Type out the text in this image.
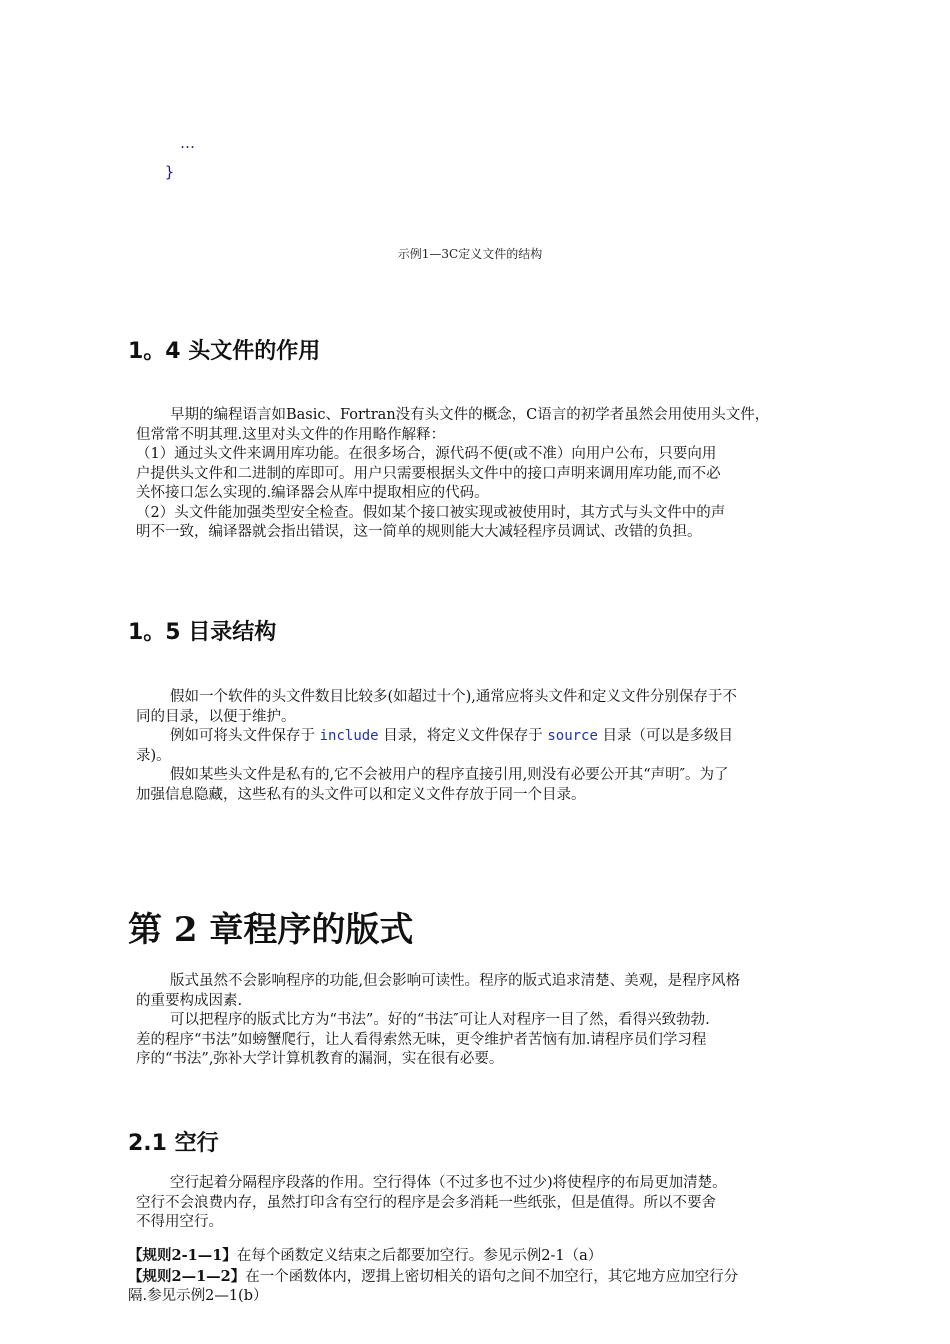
…
}
示例1—3C定义文件的结构
1。4 头文件的作用

早期的编程语言如Basic、Fortran没有头文件的概念，C语言的初学者虽然会用使用头文件，

但常常不明其理.这里对头文件的作用略作解释：

（1）通过头文件来调用库功能。在很多场合，源代码不便(或不准）向用户公布，只要向用

户提供头文件和二进制的库即可。用户只需要根据头文件中的接口声明来调用库功能,而不必

关怀接口怎么实现的.编译器会从库中提取相应的代码。

（2）头文件能加强类型安全检查。假如某个接口被实现或被使用时，其方式与头文件中的声

明不一致，编译器就会指出错误，这一简单的规则能大大减轻程序员调试、改错的负担。

1。5 目录结构

假如一个软件的头文件数目比较多(如超过十个),通常应将头文件和定义文件分别保存于不

同的目录，以便于维护。

例如可将头文件保存于 include 目录，将定义文件保存于 source 目录（可以是多级目

录)。

假如某些头文件是私有的,它不会被用户的程序直接引用,则没有必要公开其“声明″。为了

加强信息隐藏，这些私有的头文件可以和定义文件存放于同一个目录。

第 2 章程序的版式

版式虽然不会影响程序的功能,但会影响可读性。程序的版式追求清楚、美观，是程序风格

的重要构成因素.

可以把程序的版式比方为“书法”。好的“书法″可让人对程序一目了然，看得兴致勃勃.

差的程序“书法”如螃蟹爬行，让人看得索然无味，更令维护者苦恼有加.请程序员们学习程

序的“书法”,弥补大学计算机教育的漏洞，实在很有必要。

2.1 空行

空行起着分隔程序段落的作用。空行得体（不过多也不过少)将使程序的布局更加清楚。

空行不会浪费内存，虽然打印含有空行的程序是会多消耗一些纸张，但是值得。所以不要舍

不得用空行。

【规则2-1—1】在每个函数定义结束之后都要加空行。参见示例2-1（a）

【规则2—1—2】在一个函数体内，逻揖上密切相关的语句之间不加空行，其它地方应加空行分

隔.参见示例2—1(b）
